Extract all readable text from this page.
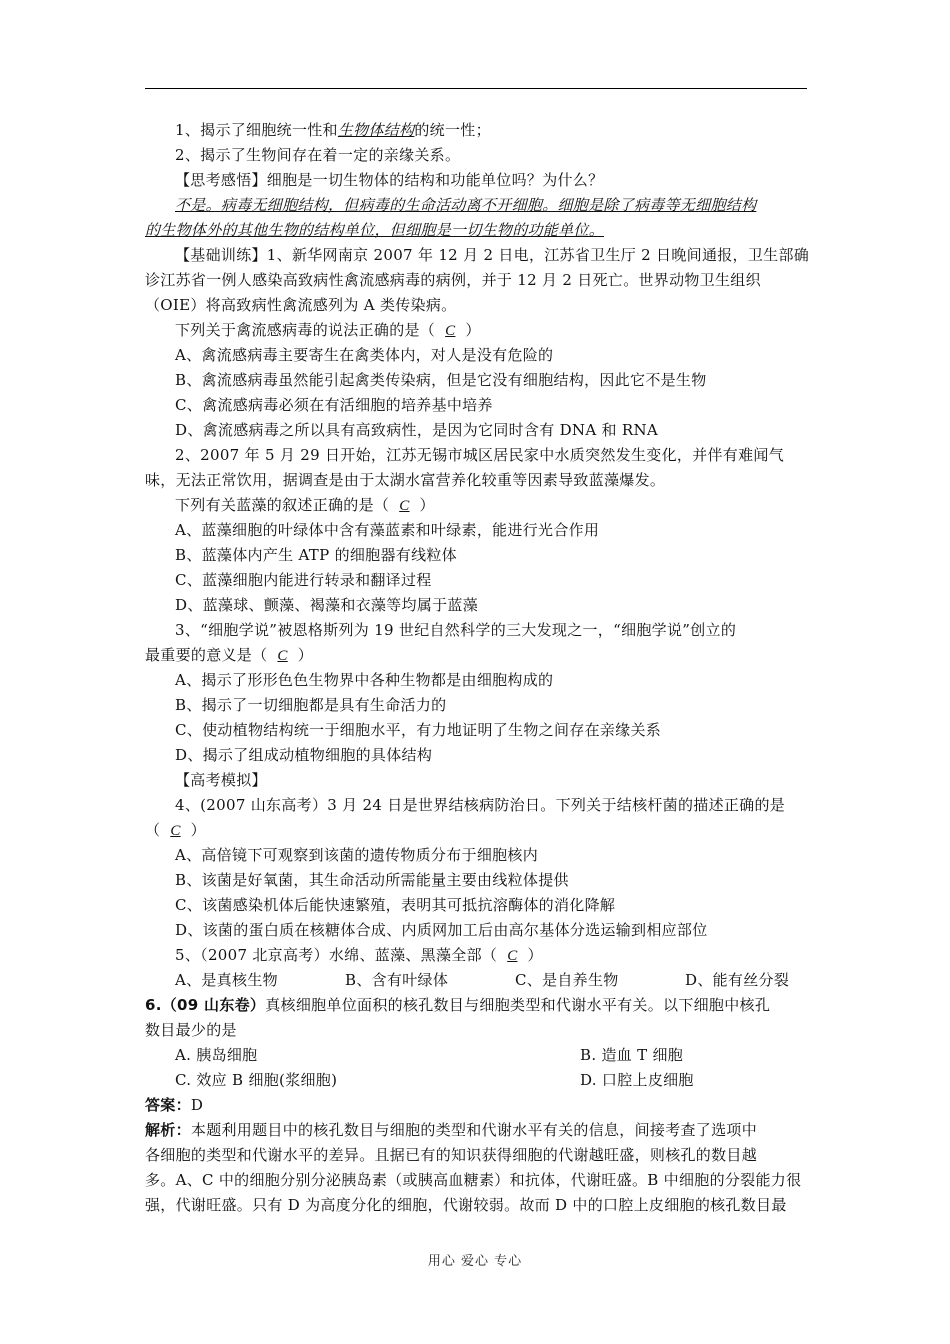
1、揭示了细胞统一性和生物体结构的统一性；
2、揭示了生物间存在着一定的亲缘关系。
【思考感悟】细胞是一切生物体的结构和功能单位吗？为什么？
不是。病毒无细胞结构，但病毒的生命活动离不开细胞。细胞是除了病毒等无细胞结构
的生物体外的其他生物的结构单位，但细胞是一切生物的功能单位。
【基础训练】1、新华网南京 2007 年 12 月 2 日电，江苏省卫生厅 2 日晚间通报，卫生部确
诊江苏省一例人感染高致病性禽流感病毒的病例，并于 12 月 2 日死亡。世界动物卫生组织
（OIE）将高致病性禽流感列为 A 类传染病。
下列关于禽流感病毒的说法正确的是（ C ）
A、禽流感病毒主要寄生在禽类体内，对人是没有危险的
B、禽流感病毒虽然能引起禽类传染病，但是它没有细胞结构，因此它不是生物
C、禽流感病毒必须在有活细胞的培养基中培养
D、禽流感病毒之所以具有高致病性，是因为它同时含有 DNA 和 RNA
2、2007 年 5 月 29 日开始，江苏无锡市城区居民家中水质突然发生变化，并伴有难闻气
味，无法正常饮用，据调查是由于太湖水富营养化较重等因素导致蓝藻爆发。
下列有关蓝藻的叙述正确的是（ C ）
A、蓝藻细胞的叶绿体中含有藻蓝素和叶绿素，能进行光合作用
B、蓝藻体内产生 ATP 的细胞器有线粒体
C、蓝藻细胞内能进行转录和翻译过程
D、蓝藻球、颤藻、褐藻和衣藻等均属于蓝藻
3、“细胞学说”被恩格斯列为 19 世纪自然科学的三大发现之一，“细胞学说”创立的
最重要的意义是（ C ）
A、揭示了形形色色生物界中各种生物都是由细胞构成的
B、揭示了一切细胞都是具有生命活力的
C、使动植物结构统一于细胞水平，有力地证明了生物之间存在亲缘关系
D、揭示了组成动植物细胞的具体结构
【高考模拟】
4、(2007 山东高考）3 月 24 日是世界结核病防治日。下列关于结核杆菌的描述正确的是
（ C ）
A、高倍镜下可观察到该菌的遗传物质分布于细胞核内
B、该菌是好氧菌，其生命活动所需能量主要由线粒体提供
C、该菌感染机体后能快速繁殖，表明其可抵抗溶酶体的消化降解
D、该菌的蛋白质在核糖体合成、内质网加工后由高尔基体分选运输到相应部位
5、（2007 北京高考）水绵、蓝藻、黑藻全部（ C ）
A、是真核生物	B、含有叶绿体	C、是自养生物	D、能有丝分裂
6.（09 山东卷）真核细胞单位面积的核孔数目与细胞类型和代谢水平有关。以下细胞中核孔
数目最少的是
A. 胰岛细胞	B. 造血 T 细胞
C. 效应 B 细胞(浆细胞)	D. 口腔上皮细胞
答案：D
解析：本题利用题目中的核孔数目与细胞的类型和代谢水平有关的信息，间接考查了选项中
各细胞的类型和代谢水平的差异。且据已有的知识获得细胞的代谢越旺盛，则核孔的数目越
多。A、C 中的细胞分别分泌胰岛素（或胰高血糖素）和抗体，代谢旺盛。B 中细胞的分裂能力很
强，代谢旺盛。只有 D 为高度分化的细胞，代谢较弱。故而 D 中的口腔上皮细胞的核孔数目最
用心 爱心 专心
